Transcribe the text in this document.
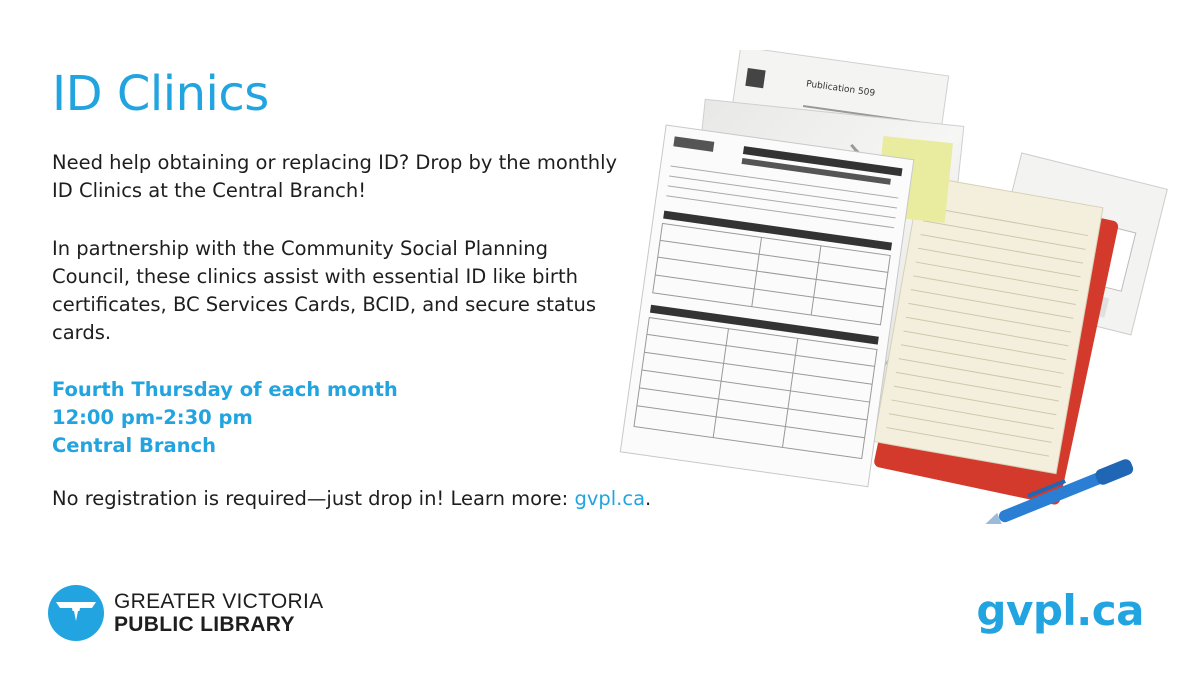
ID Clinics

Need help obtaining or replacing ID? Drop by the monthly ID Clinics at the Central Branch!

In partnership with the Community Social Planning Council, these clinics assist with essential ID like birth certificates, BC Services Cards, BCID, and secure status cards.

Fourth Thursday of each month
12:00 pm-2:30 pm
Central Branch

No registration is required—just drop in! Learn more: gvpl.ca.

Publication 509
GREATER VICTORIA
PUBLIC LIBRARY	gvpl.ca
